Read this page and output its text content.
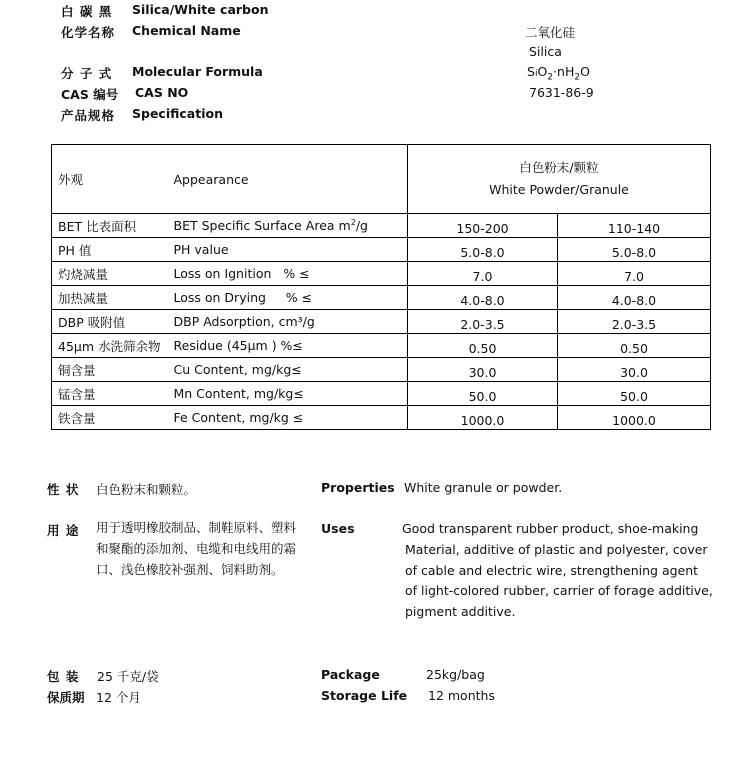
白 碳 黑 Silica/White carbon
化学名称 Chemical Name	二氧化硅
Silica
分 子 式 Molecular Formula	$SiO_2\cdot nH_2O$
CAS 编号 CAS NO	7631-86-9
产品规格 Specification
外观	Appearance	白色粉末/颗粒
White Powder/Granule	

BET 比表面积	BET Specific Surface Area $m^2/g$	150-200	110-140
PH 值	PH value	5.0-8.0	5.0-8.0
灼烧减量	Loss on Ignition   % ≤	7.0	7.0
加热减量	Loss on Drying     % ≤	4.0-8.0	4.0-8.0
DBP 吸附值	DBP Adsorption, cm³/g	2.0-3.5	2.0-3.5
45μm 水洗筛余物	Residue (45μm ) %≤	0.50	0.50
铜含量	Cu Content, mg/kg≤	30.0	30.0
锰含量	Mn Content, mg/kg≤	50.0	50.0
铁含量	Fe Content, mg/kg ≤	1000.0	1000.0
性 状 白色粉末和颗粒。	Properties White granule or powder.
用 途 用于透明橡胶制品、制鞋原料、塑料
和聚酯的添加剂、电缆和电线用的霜
口、浅色橡胶补强剂、饲料助剂。
Uses	Good transparent rubber product, shoe-making
Material, additive of plastic and polyester, cover
of cable and electric wire, strengthening agent
of light-colored rubber, carrier of forage additive,
pigment additive.
包 装 25 千克/袋	Package	25kg/bag
保质期 12 个月	Storage Life 12 months
